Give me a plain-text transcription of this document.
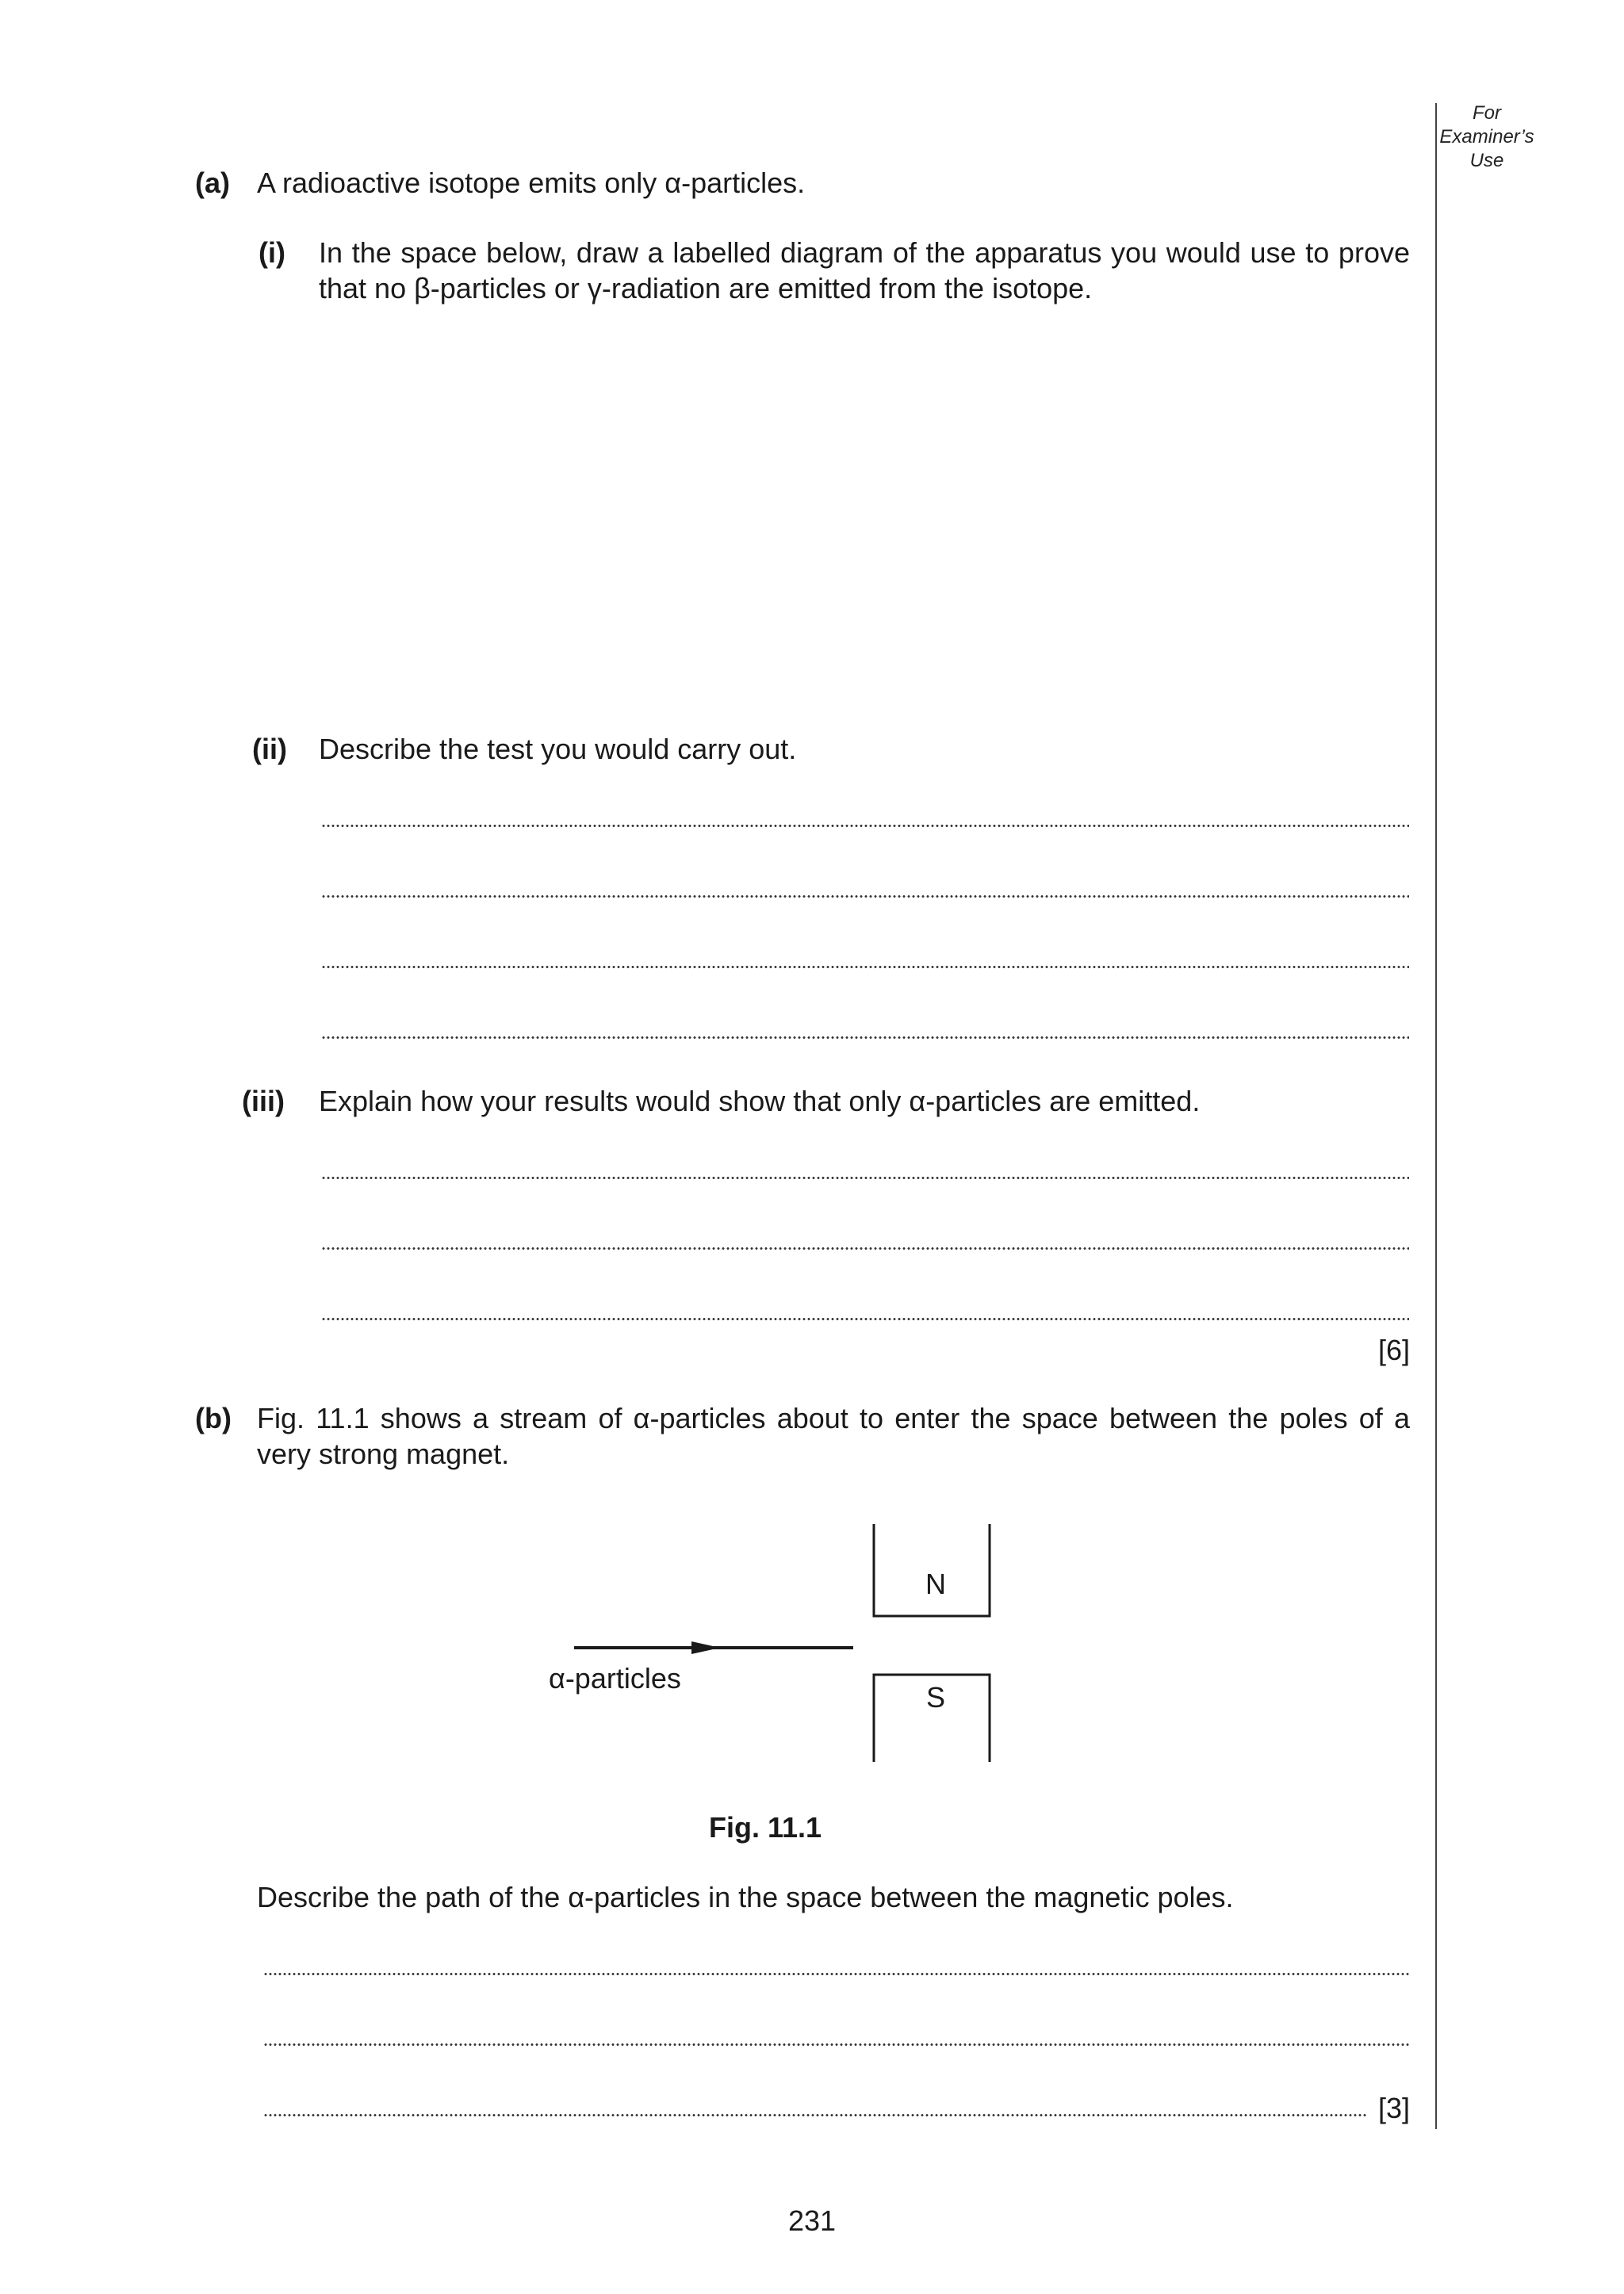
For
Examiner’s
Use
(a) A radioactive isotope emits only α-particles.
(i) In the space below, draw a labelled diagram of the apparatus you would use to prove that no β-particles or γ-radiation are emitted from the isotope.
(ii) Describe the test you would carry out.
(iii) Explain how your results would show that only α-particles are emitted.
[6]
(b) Fig. 11.1 shows a stream of α-particles about to enter the space between the poles of a very strong magnet.
N
S
α-particles
Fig. 11.1
Describe the path of the α-particles in the space between the magnetic poles.
[3]
231
